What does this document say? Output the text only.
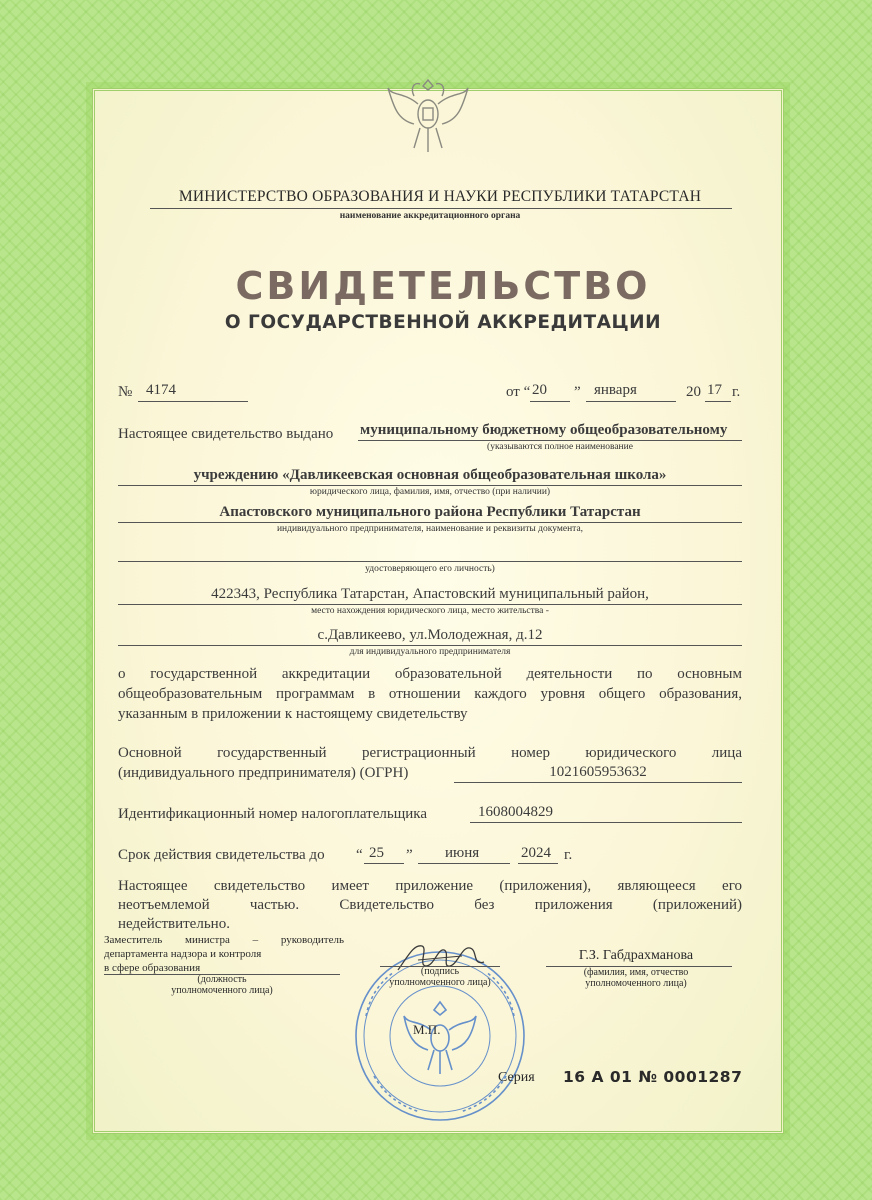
МИНИСТЕРСТВО ОБРАЗОВАНИЯ И НАУКИ РЕСПУБЛИКИ ТАТАРСТАН
наименование аккредитационного органа
СВИДЕТЕЛЬСТВО
О ГОСУДАРСТВЕННОЙ АККРЕДИТАЦИИ
№ 4174	от “ 20 ” января	20 17 г.
Настоящее свидетельство выдано муниципальному бюджетному общеобразовательному
(указываются полное наименование
учреждению «Давликеевская основная общеобразовательная школа»
юридического лица, фамилия, имя, отчество (при наличии)
Апастовского муниципального района Республики Татарстан
индивидуального предпринимателя, наименование и реквизиты документа,
удостоверяющего его личность)
422343, Республика Татарстан, Апастовский муниципальный район,
место нахождения юридического лица, место жительства -
с.Давликеево, ул.Молодежная, д.12
для индивидуального предпринимателя
о государственной аккредитации образовательной деятельности по основным
общеобразовательным программам в отношении каждого уровня общего образования,
указанным в приложении к настоящему свидетельству
Основной государственный регистрационный номер юридического лица
(индивидуального предпринимателя) (ОГРН)	1021605953632
Идентификационный номер налогоплательщика	1608004829
Срок действия свидетельства до “ 25 ” июня	2024 г.
Настоящее свидетельство имеет приложение (приложения), являющееся его
неотъемлемой частью. Свидетельство без приложения (приложений)
недействительно.
Заместитель министра – руководитель
департамента надзора и контроля
в сфере образования
(должность
уполномоченного лица)
(подпись
уполномоченного лица)
Г.З. Габдрахманова
(фамилия, имя, отчество
уполномоченного лица)
М.П.
Серия 16 А 01 № 0001287
